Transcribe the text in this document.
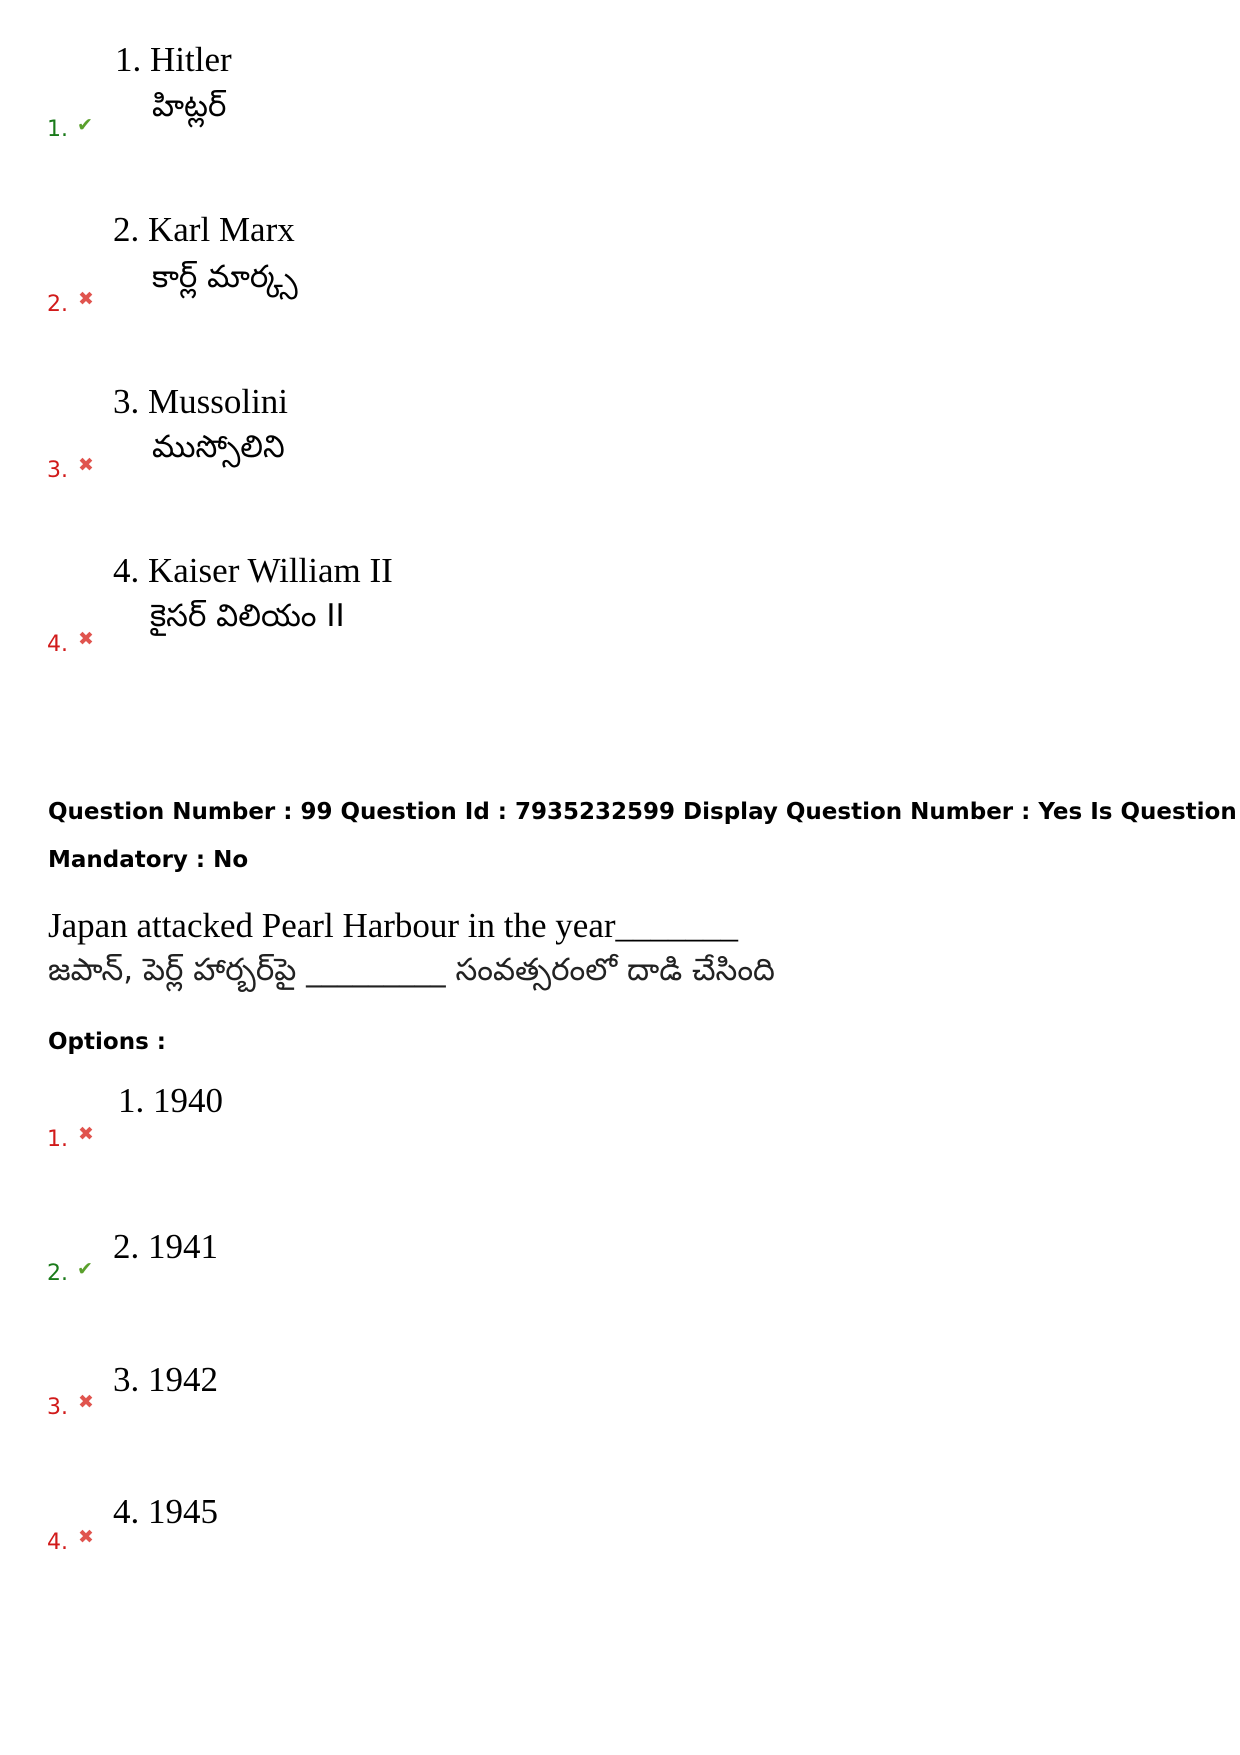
1. Hitler
హిట్లర్
1. ✔
2. Karl Marx
కార్ల్ మార్క్స
2. ✖
3. Mussolini
ముస్సోలిని
3. ✖
4. Kaiser William II
కైసర్ విలియం II
4. ✖
Question Number : 99 Question Id : 7935232599 Display Question Number : Yes Is Question
Mandatory : No
Japan attacked Pearl Harbour in the year_______
జపాన్, పెర్ల్ హార్బర్‌పై _________ సంవత్సరంలో దాడి చేసింది
Options :
1. 1940
1. ✖
2. 1941
2. ✔
3. 1942
3. ✖
4. 1945
4. ✖
